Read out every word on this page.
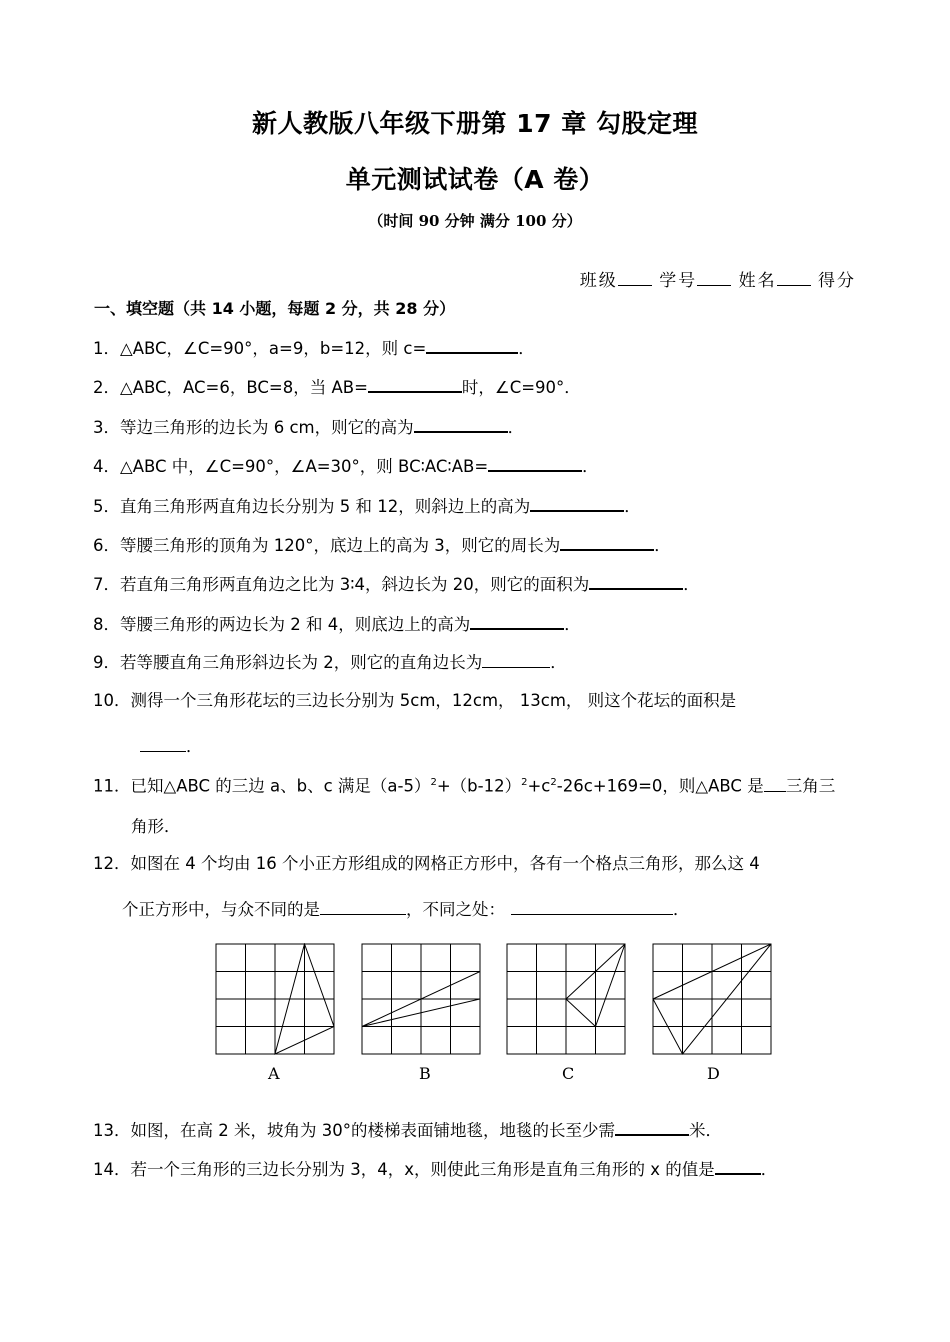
新人教版八年级下册第 17 章 勾股定理
单元测试试卷（A 卷）
（时间 90 分钟 满分 100 分）
班级 学号 姓名 得分
一、填空题（共 14 小题，每题 2 分，共 28 分）
1．△ABC，∠C=90°，a=9，b=12，则 c=	．
2．△ABC，AC=6，BC=8，当 AB=	时，∠C=90°．
3．等边三角形的边长为 6 cm，则它的高为	．
4．△ABC 中，∠C=90°，∠A=30°，则 BC∶AC∶AB=	．
5．直角三角形两直角边长分别为 5 和 12，则斜边上的高为	．
6．等腰三角形的顶角为 120°，底边上的高为 3，则它的周长为	．
7．若直角三角形两直角边之比为 3∶4，斜边长为 20，则它的面积为	．
8．等腰三角形的两边长为 2 和 4，则底边上的高为	．
9．若等腰直角三角形斜边长为 2，则它的直角边长为	．
10．测得一个三角形花坛的三边长分别为 5cm，12cm， 13cm， 则这个花坛的面积是
．
11．已知△ABC 的三边 a、b、c 满足$(a-5)^2+(b-12)^2+c^2-26c+169=0$，则△ABC 是 三角三
角形．
12．如图在 4 个均由 16 个小正方形组成的网格正方形中，各有一个格点三角形，那么这 4
个正方形中，与众不同的是	，不同之处：	．
A	B	C	D
13．如图，在高 2 米，坡角为 30°的楼梯表面铺地毯，地毯的长至少需	米．
14．若一个三角形的三边长分别为 3，4，x，则使此三角形是直角三角形的 x 的值是	．
